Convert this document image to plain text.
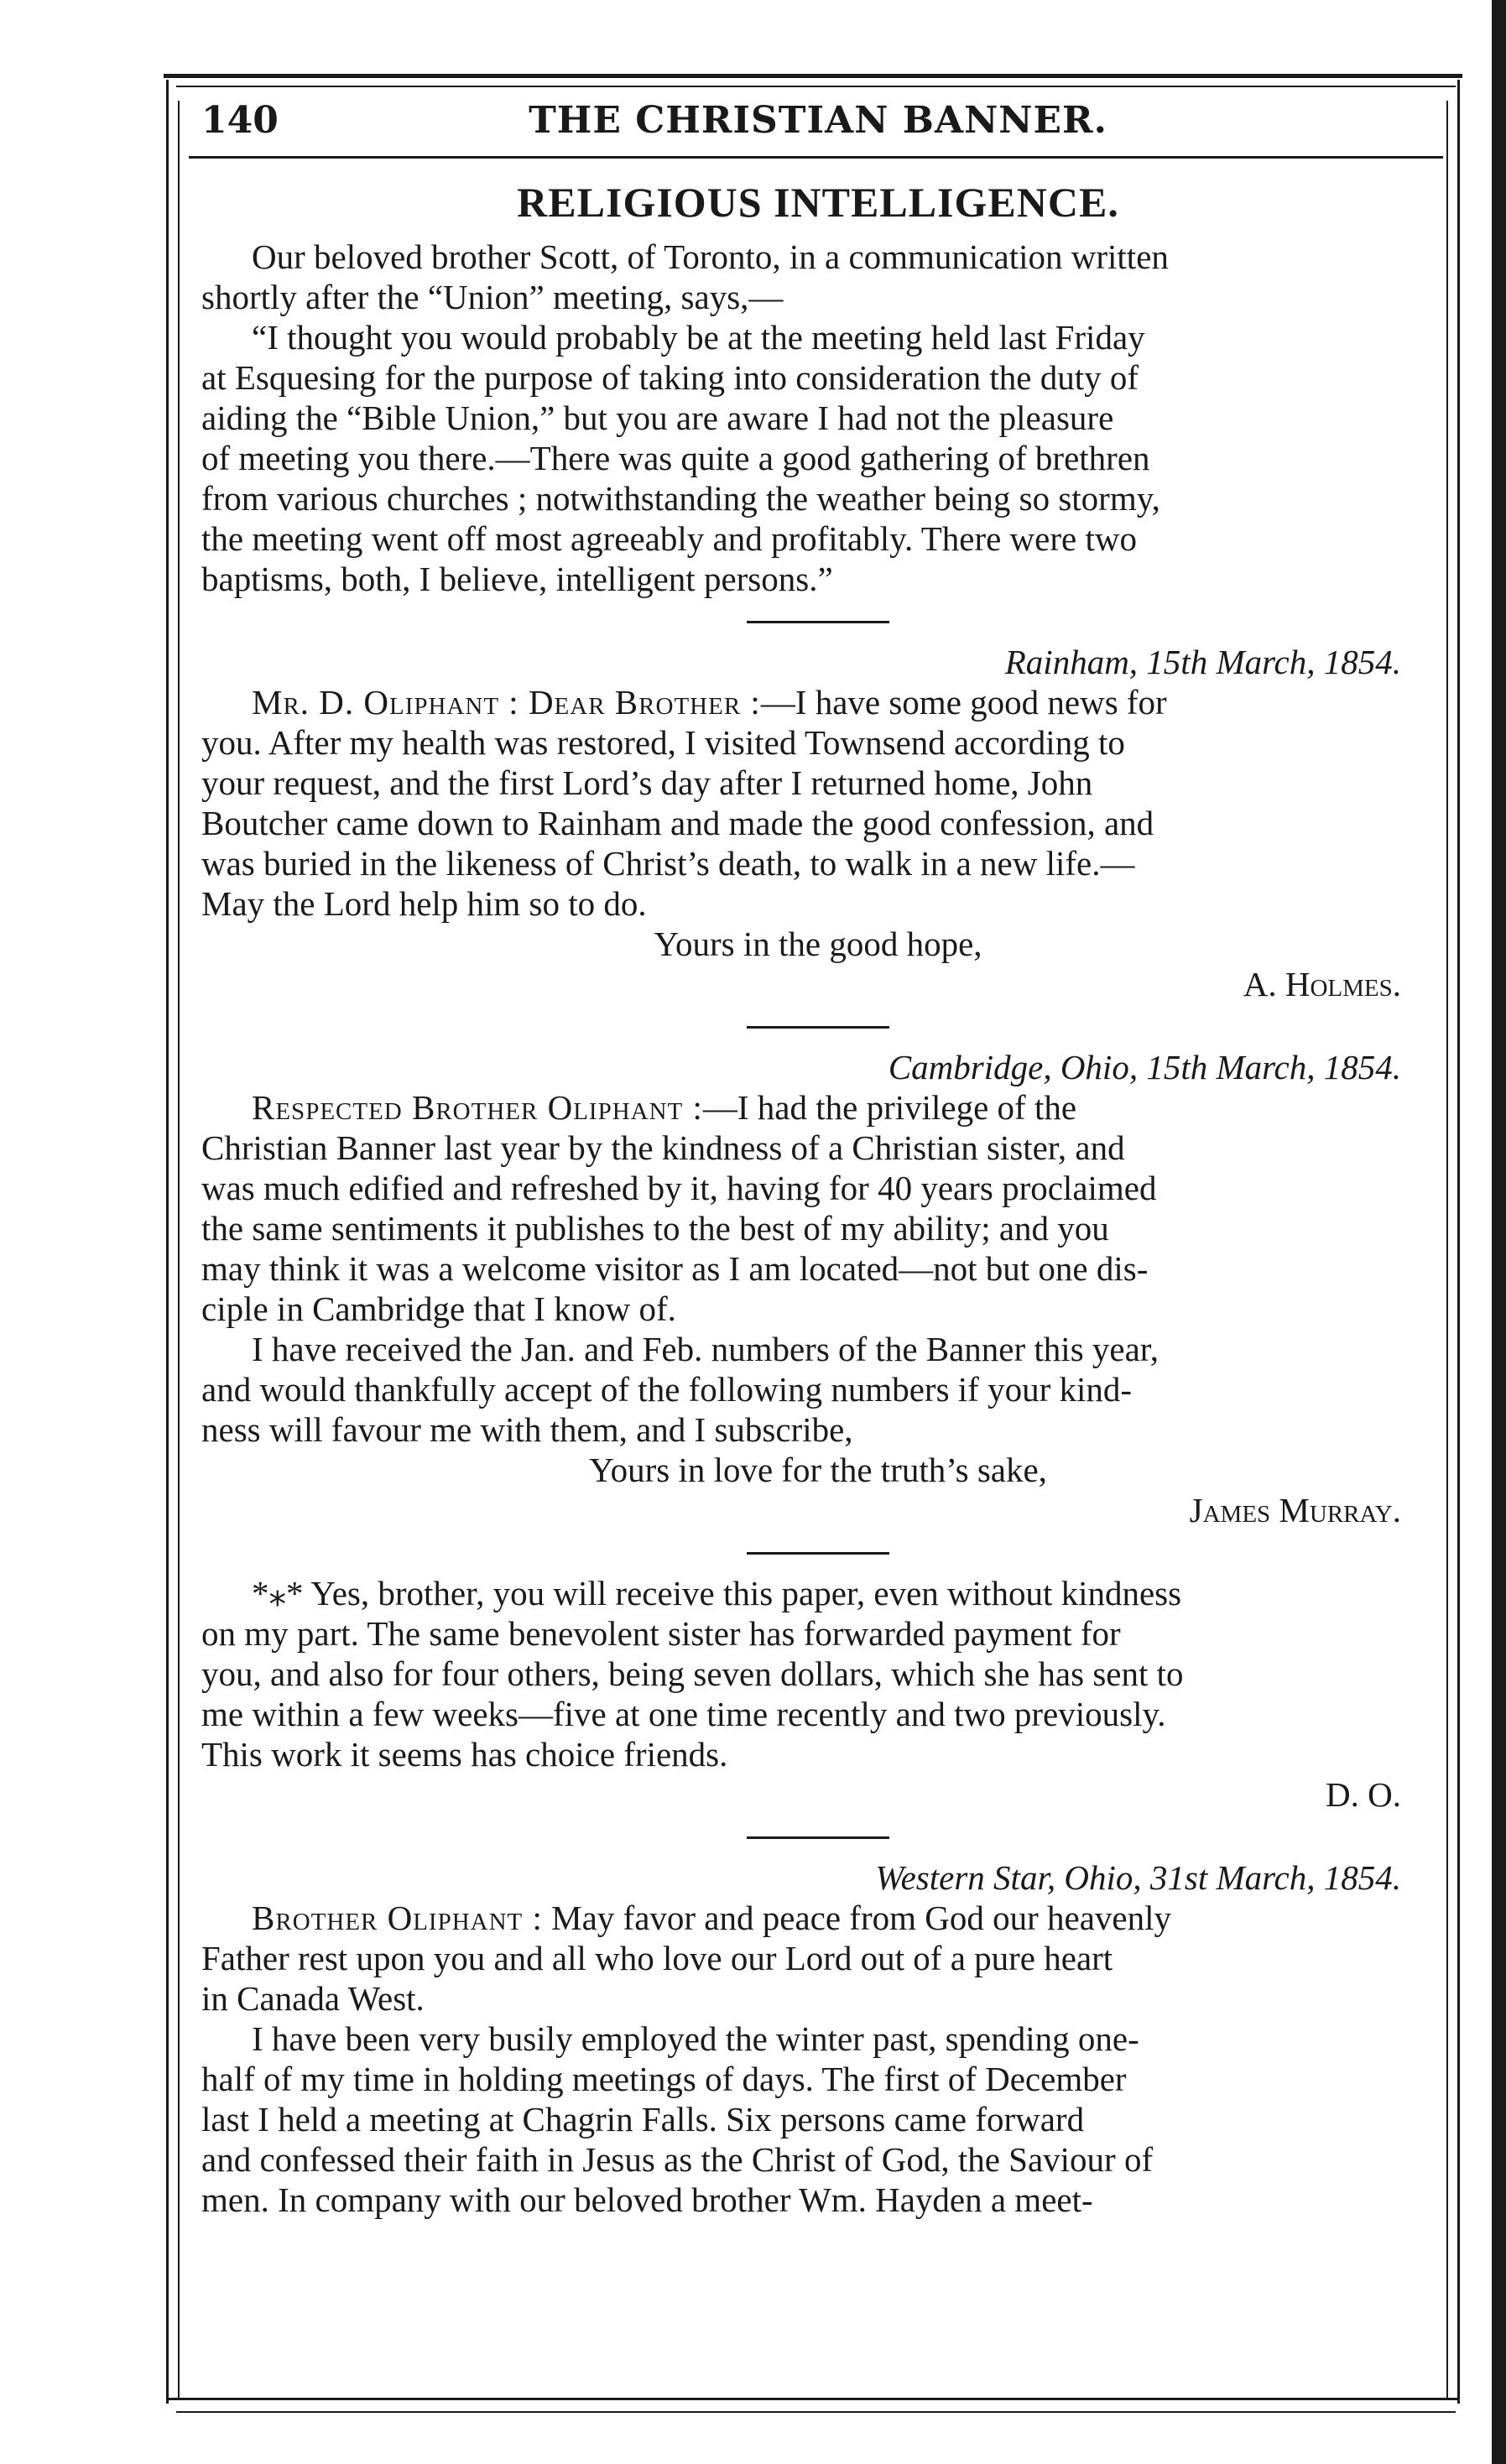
140	THE CHRISTIAN BANNER.
RELIGIOUS INTELLIGENCE.

Our beloved brother Scott, of Toronto, in a communication written

shortly after the “Union” meeting, says,—

“I thought you would probably be at the meeting held last Friday

at Esquesing for the purpose of taking into consideration the duty of

aiding the “Bible Union,” but you are aware I had not the pleasure

of meeting you there.—There was quite a good gathering of brethren

from various churches ; notwithstanding the weather being so stormy,

the meeting went off most agreeably and profitably. There were two

baptisms, both, I believe, intelligent persons.”

Rainham, 15th March, 1854.

Mr. D. Oliphant : Dear Brother :—I have some good news for

you. After my health was restored, I visited Townsend according to

your request, and the first Lord’s day after I returned home, John

Boutcher came down to Rainham and made the good confession, and

was buried in the likeness of Christ’s death, to walk in a new life.—

May the Lord help him so to do.

Yours in the good hope,

A. Holmes.

Cambridge, Ohio, 15th March, 1854.

Respected Brother Oliphant :—I had the privilege of the

Christian Banner last year by the kindness of a Christian sister, and

was much edified and refreshed by it, having for 40 years proclaimed

the same sentiments it publishes to the best of my ability; and you

may think it was a welcome visitor as I am located—not but one dis-

ciple in Cambridge that I know of.

I have received the Jan. and Feb. numbers of the Banner this year,

and would thankfully accept of the following numbers if your kind-

ness will favour me with them, and I subscribe,

Yours in love for the truth’s sake,

James Murray.

*⁎* Yes, brother, you will receive this paper, even without kindness

on my part. The same benevolent sister has forwarded payment for

you, and also for four others, being seven dollars, which she has sent to

me within a few weeks—five at one time recently and two previously.

This work it seems has choice friends.

D. O.

Western Star, Ohio, 31st March, 1854.

Brother Oliphant : May favor and peace from God our heavenly

Father rest upon you and all who love our Lord out of a pure heart

in Canada West.

I have been very busily employed the winter past, spending one-

half of my time in holding meetings of days. The first of December

last I held a meeting at Chagrin Falls. Six persons came forward

and confessed their faith in Jesus as the Christ of God, the Saviour of

men. In company with our beloved brother Wm. Hayden a meet-
